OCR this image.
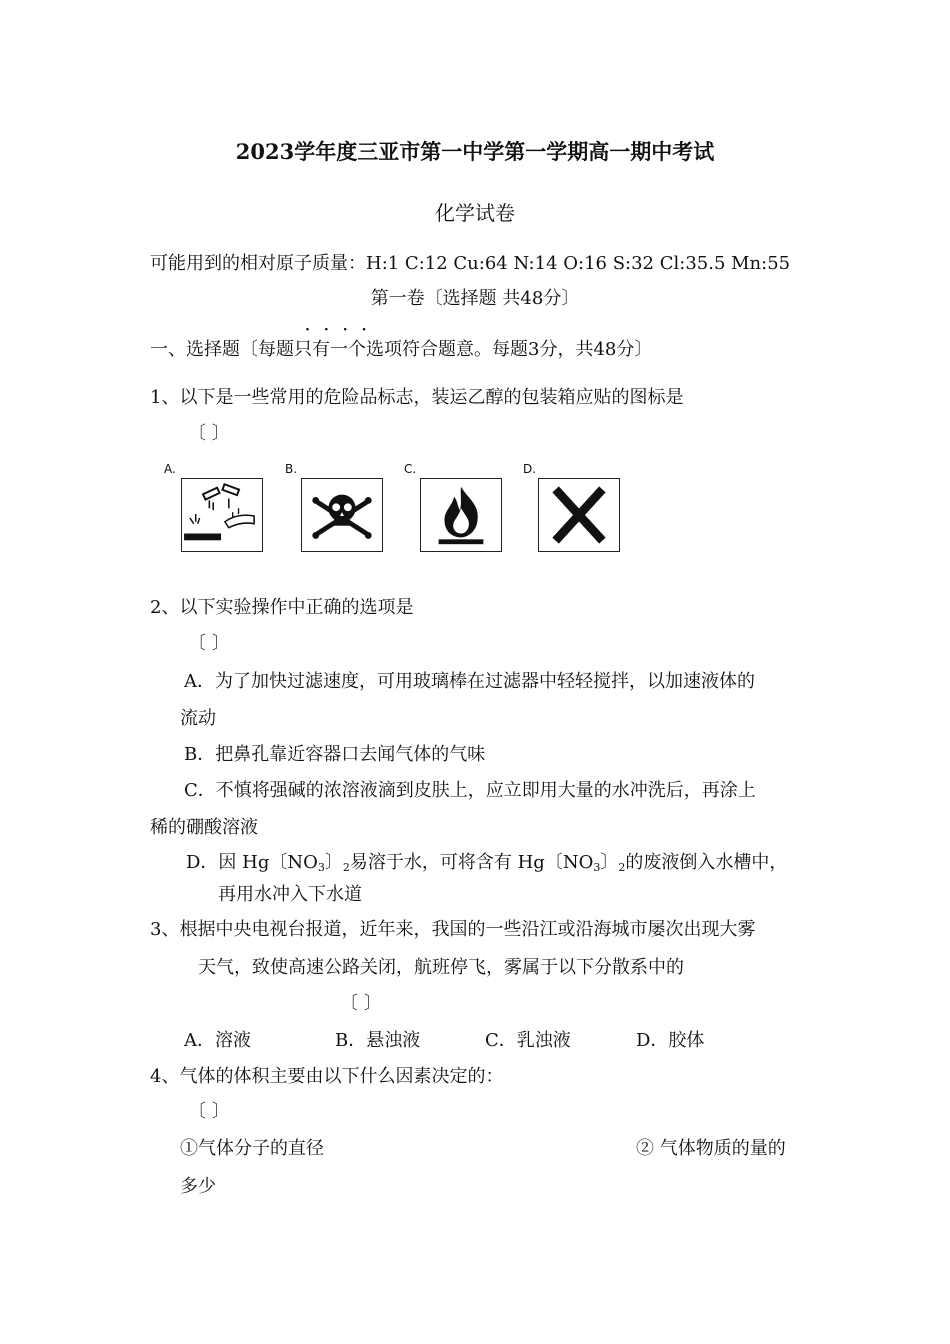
2023学年度三亚市第一中学第一学期高一期中考试
化学试卷
可能用到的相对原子质量：H:1 C:12 Cu:64 N:14 O:16 S:32 Cl:35.5 Mn:55
第一卷〔选择题 共48分〕
····
一、选择题〔每题只有一个选项符合题意。每题3分，共48分〕
1、以下是一些常用的危险品标志，装运乙醇的包装箱应贴的图标是
〔 〕
A.	B.	C.	D.
2、以下实验操作中正确的选项是
〔 〕
A．为了加快过滤速度，可用玻璃棒在过滤器中轻轻搅拌，以加速液体的
流动
B．把鼻孔靠近容器口去闻气体的气味
C．不慎将强碱的浓溶液滴到皮肤上，应立即用大量的水冲洗后，再涂上
稀的硼酸溶液
D．因 Hg〔$NO_3$〕$_2$易溶于水，可将含有 Hg〔$NO_3$〕$_2$的废液倒入水槽中，
再用水冲入下水道
3、根据中央电视台报道，近年来，我国的一些沿江或沿海城市屡次出现大雾
天气，致使高速公路关闭，航班停飞，雾属于以下分散系中的
〔 〕
A．溶液	B．悬浊液	C．乳浊液	D．胶体
4、气体的体积主要由以下什么因素决定的：
〔 〕
①气体分子的直径	② 气体物质的量的
多少
